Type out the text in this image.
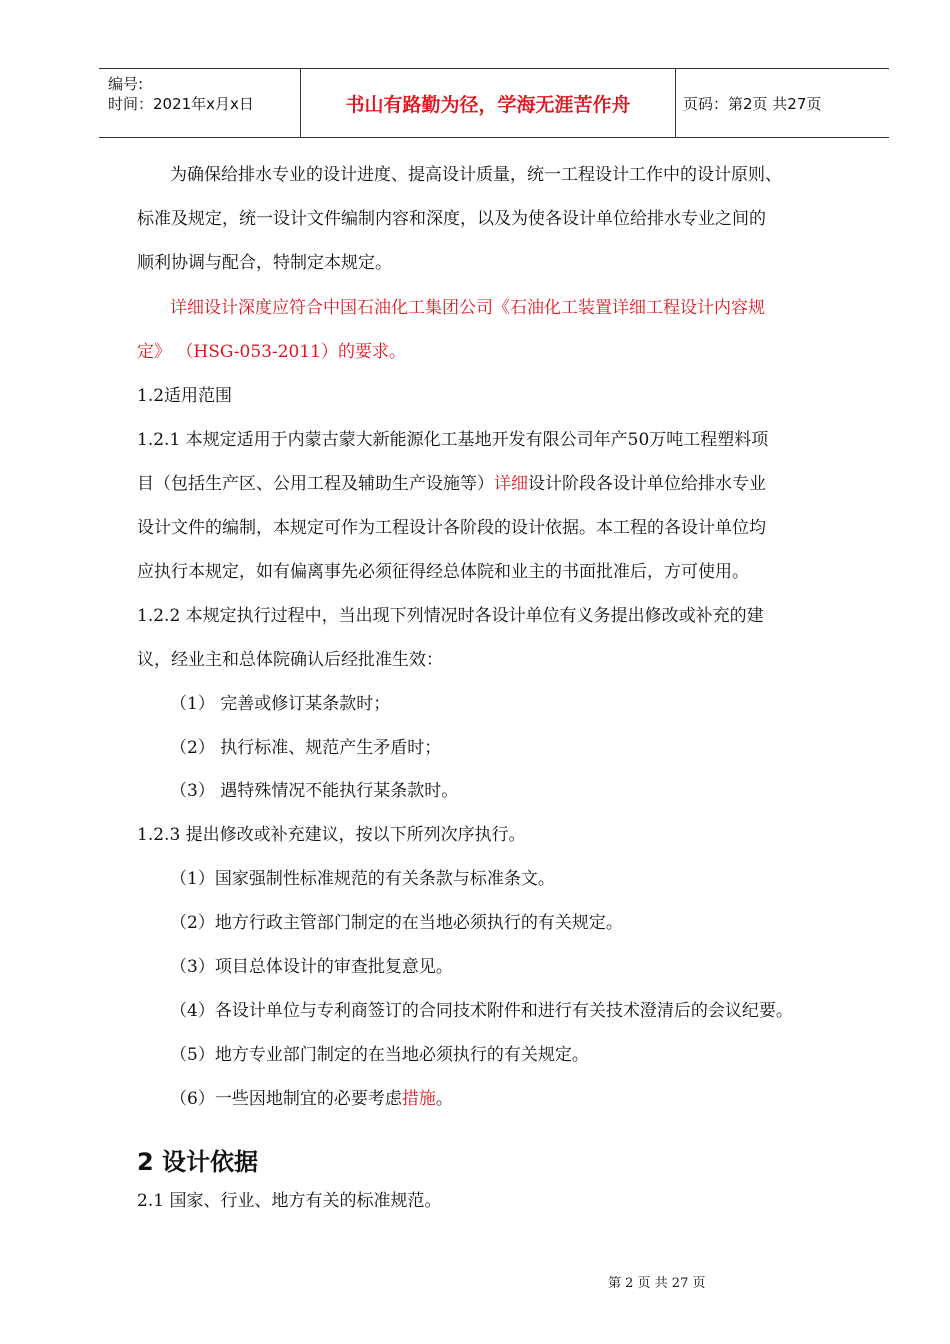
编号:
时间：2021年x月x日	书山有路勤为径，学海无涯苦作舟	页码：第2页 共27页
为确保给排水专业的设计进度、提高设计质量，统一工程设计工作中的设计原则、
标准及规定，统一设计文件编制内容和深度，以及为使各设计单位给排水专业之间的
顺利协调与配合，特制定本规定。
详细设计深度应符合中国石油化工集团公司《石油化工装置详细工程设计内容规
定》 （HSG-053-2011）的要求。
1.2适用范围
1.2.1 本规定适用于内蒙古蒙大新能源化工基地开发有限公司年产50万吨工程塑料项
目（包括生产区、公用工程及辅助生产设施等）详细设计阶段各设计单位给排水专业
设计文件的编制，本规定可作为工程设计各阶段的设计依据。本工程的各设计单位均
应执行本规定，如有偏离事先必须征得经总体院和业主的书面批准后，方可使用。
1.2.2 本规定执行过程中，当出现下列情况时各设计单位有义务提出修改或补充的建
议，经业主和总体院确认后经批准生效：
（1） 完善或修订某条款时；
（2） 执行标准、规范产生矛盾时；
（3） 遇特殊情况不能执行某条款时。
1.2.3 提出修改或补充建议，按以下所列次序执行。
（1）国家强制性标准规范的有关条款与标准条文。
（2）地方行政主管部门制定的在当地必须执行的有关规定。
（3）项目总体设计的审查批复意见。
（4）各设计单位与专利商签订的合同技术附件和进行有关技术澄清后的会议纪要。
（5）地方专业部门制定的在当地必须执行的有关规定。
（6）一些因地制宜的必要考虑措施。
2 设计依据
2.1 国家、行业、地方有关的标准规范。
第 2 页 共 27 页
